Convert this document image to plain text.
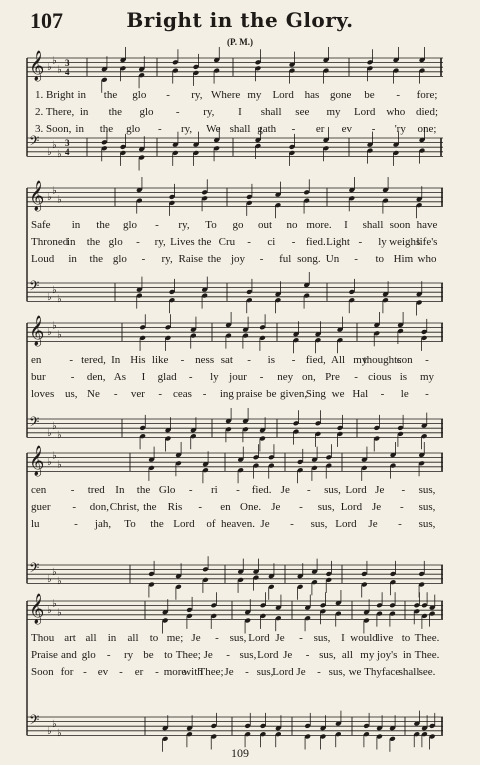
107	Bright in the Glory.
(P. M.)
𝄞 ♭
♭
♭
3
4
𝄢
♭
♭
♭
3
4
1. Bright in the glo - ry, Where my Lord has gone be - fore;
2. There, in the glo - ry, I shall see my Lord who died;
3. Soon, in the glo - ry, We shall gath - er ev - 'ry one;
𝄞 ♭
♭
♭
𝄢
♭
♭
♭
Safe in the glo - ry, To go out no more. I shall soon have
Throned
in the glo - ry, Lives the Cru - ci - fied. Light - ly weighs
life's
Loud in the glo - ry, Raise the joy - ful song. Un - to Him who
𝄞 ♭
♭
♭
𝄢
♭
♭
♭
en	- tered, In His like - ness sat - is - fied, All my
thoughts
con -
bur - den, As I glad - ly jour - ney on, Pre - cious is my
loves us, Ne - ver - ceas - ing praise be given,
Sing we Hal - le -
𝄞 ♭
♭
♭
𝄢
♭
♭
♭
cen - tred In the Glo - ri - fied. Je - sus, Lord Je - sus,
guer - don, Christ, the Ris - en One. Je - sus, Lord Je - sus,
lu	- jah, To the Lord of heaven. Je - sus, Lord Je - sus,
𝄞 ♭
♭
♭
𝄢
♭
♭
♭
Thou art all in all to me; Je - sus, Lord Je - sus, I would live to Thee.
Praise and glo - ry be to Thee; Je - sus, Lord Je - sus, all my joy's in Thee.
Soon for - ev - er - more
with
Thee; Je - sus,
Lord Je - sus, we Thy face
shall see.
109
